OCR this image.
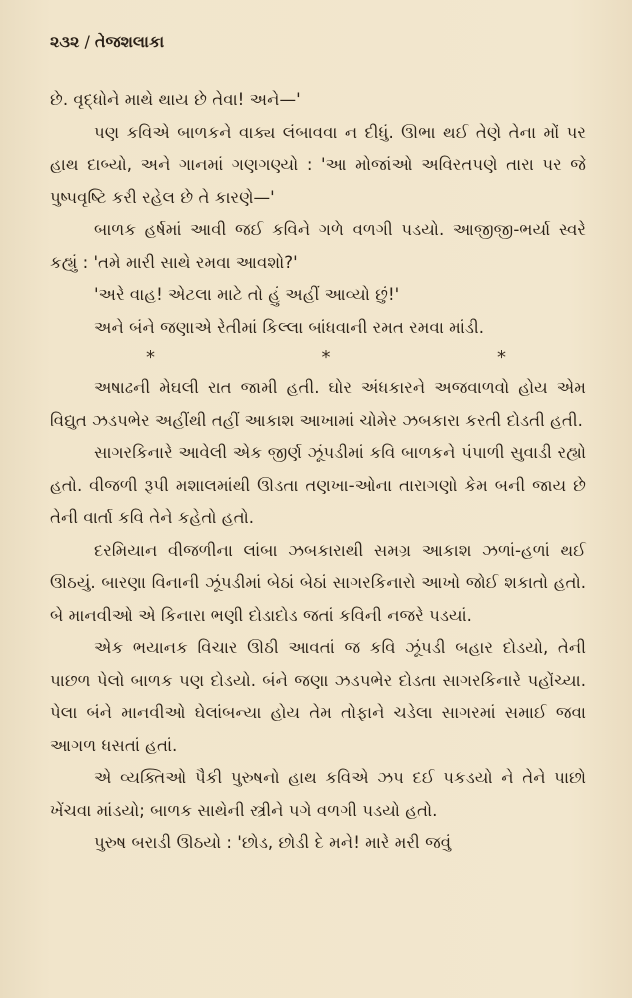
૨૩૨ / તેજશલાકા

છે. વૃદ્ધોને માથે થાય છે તેવા! અને—'

પણ કવિએ બાળકને વાક્ય લંબાવવા ન દીધું. ઊભા થઈ તેણે તેના મોં પર હાથ દાબ્યો, અને ગાનમાં ગણગણ્યો : 'આ મોજાંઓ અવિરતપણે તારા પર જે પુષ્પવૃષ્ટિ કરી રહેલ છે તે કારણે—'

બાળક હર્ષમાં આવી જઈ કવિને ગળે વળગી પડયો. આજીજી-ભર્યા સ્વરે કહ્યું : 'તમે મારી સાથે રમવા આવશો?'

'અરે વાહ! એટલા માટે તો હું અહીં આવ્યો છું!'

અને બંને જણાએ રેતીમાં કિલ્લા બાંધવાની રમત રમવા માંડી.

*	*	*

અષાઢની મેઘલી રાત જામી હતી. ઘોર અંધકારને અજવાળવો હોય એમ વિદ્યુત ઝડપભેર અહીંથી તહીં આકાશ આખામાં ચોમેર ઝબકારા કરતી દોડતી હતી.

સાગરકિનારે આવેલી એક જીર્ણ ઝૂંપડીમાં કવિ બાળકને પંપાળી સુવાડી રહ્યો હતો. વીજળી રૂપી મશાલમાંથી ઊડતા તણખા-ઓના તારાગણો કેમ બની જાય છે તેની વાર્તા કવિ તેને કહેતો હતો.

દરમિયાન વીજળીના લાંબા ઝબકારાથી સમગ્ર આકાશ ઝળાં-હળાં થઈ ઊઠયું. બારણા વિનાની ઝૂંપડીમાં બેઠાં બેઠાં સાગરકિનારો આખો જોઈ શકાતો હતો. બે માનવીઓ એ કિનારા ભણી દોડાદોડ જતાં કવિની નજરે પડયાં.

એક ભયાનક વિચાર ઊઠી આવતાં જ કવિ ઝૂંપડી બહાર દોડયો, તેની પાછળ પેલો બાળક પણ દોડયો. બંને જણા ઝડપભેર દોડતા સાગરકિનારે પહોંચ્યા. પેલા બંને માનવીઓ ઘેલાંબન્યા હોય તેમ તોફાને ચડેલા સાગરમાં સમાઈ જવા આગળ ધસતાં હતાં.

એ વ્યક્તિઓ પૈકી પુરુષનો હાથ કવિએ ઝપ દઈ પકડયો ને તેને પાછો ખેંચવા માંડયો; બાળક સાથેની સ્ત્રીને પગે વળગી પડયો હતો.

પુરુષ બરાડી ઊઠયો : 'છોડ, છોડી દે મને! મારે મરી જવું
